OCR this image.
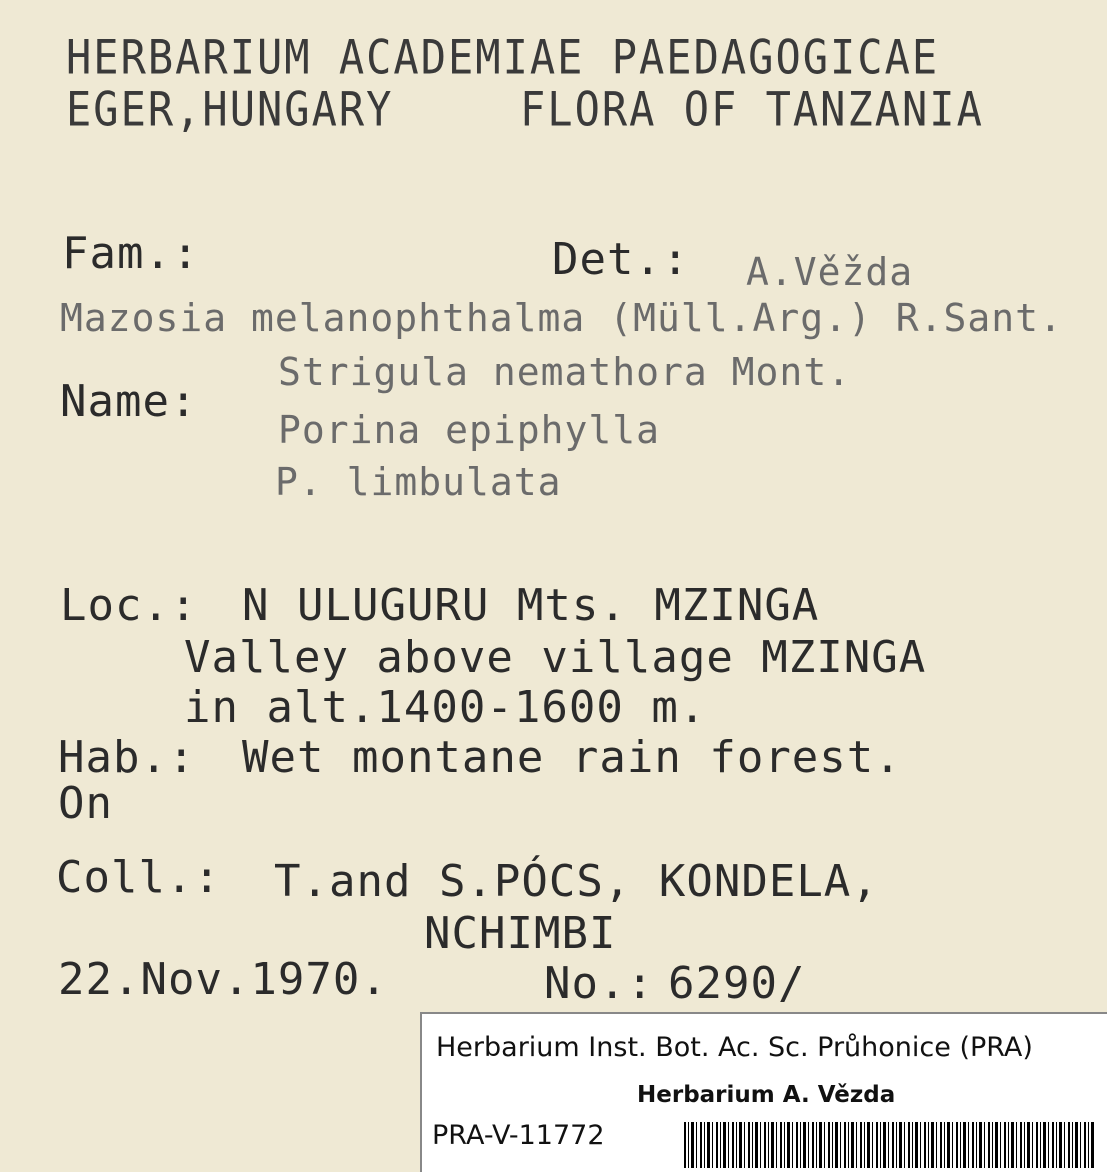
HERBARIUM ACADEMIAE PAEDAGOGICAE
EGER,HUNGARY	FLORA OF TANZANIA
Fam.:	Det.: A.Věžda
Mazosia melanophthalma (Müll.Arg.) R.Sant.
Name:
Strigula nemathora Mont.
Porina epiphylla
P. limbulata
Loc.: N ULUGURU Mts. MZINGA
Valley above village MZINGA
in alt.1400-1600 m.
Hab.: Wet montane rain forest.
On
Coll.: T.and S.PÓCS, KONDELA,
NCHIMBI
22.Nov.1970.	No.: 6290/
Herbarium Inst. Bot. Ac. Sc. Průhonice (PRA)
Herbarium A. Vězda
PRA-V-11772
